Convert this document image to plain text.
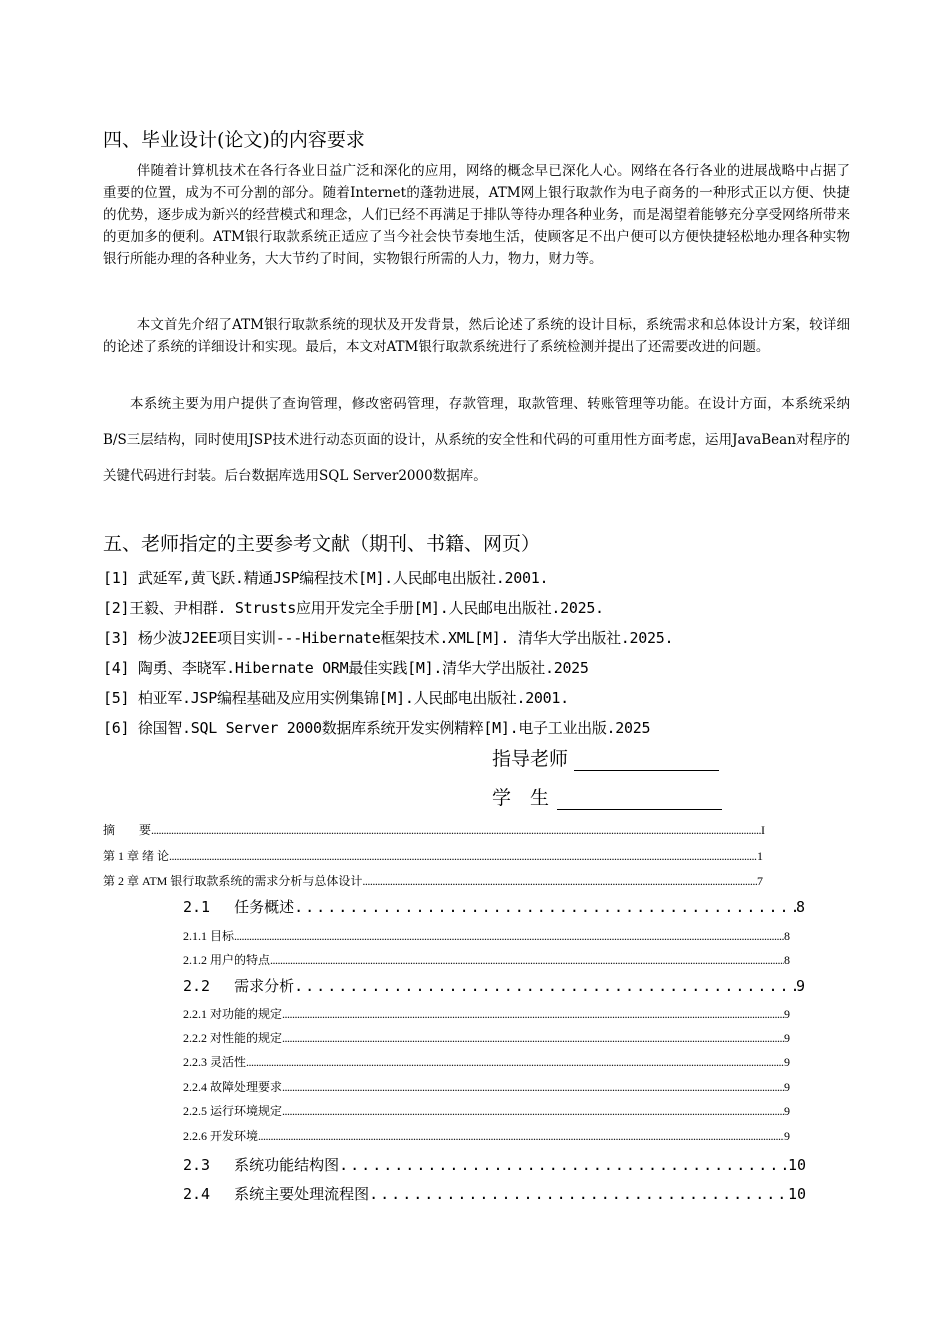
四、毕业设计(论文)的内容要求
伴随着计算机技术在各行各业日益广泛和深化的应用，网络的概念早已深化人心。网络在各行各业的进展战略中占据了重要的位置，成为不可分割的部分。随着Internet的蓬勃进展，ATM网上银行取款作为电子商务的一种形式正以方便、快捷的优势，逐步成为新兴的经营模式和理念，人们已经不再满足于排队等待办理各种业务，而是渴望着能够充分享受网络所带来的更加多的便利。ATM银行取款系统正适应了当今社会快节奏地生活，使顾客足不出户便可以方便快捷轻松地办理各种实物银行所能办理的各种业务，大大节约了时间，实物银行所需的人力，物力，财力等。
本文首先介绍了ATM银行取款系统的现状及开发背景，然后论述了系统的设计目标，系统需求和总体设计方案，较详细的论述了系统的详细设计和实现。最后，本文对ATM银行取款系统进行了系统检测并提出了还需要改进的问题。
本系统主要为用户提供了查询管理，修改密码管理，存款管理，取款管理、转账管理等功能。在设计方面，本系统采纳B/S三层结构，同时使用JSP技术进行动态页面的设计，从系统的安全性和代码的可重用性方面考虑，运用JavaBean对程序的关键代码进行封装。后台数据库选用SQL Server2000数据库。
五、老师指定的主要参考文献（期刊、书籍、网页）
[1] 武延军,黄飞跃.精通JSP编程技术[M].人民邮电出版社.2001.
[2]王毅、尹相群. Strusts应用开发完全手册[M].人民邮电出版社.2025.
[3] 杨少波J2EE项目实训---Hibernate框架技术.XML[M]. 清华大学出版社.2025.
[4] 陶勇、李晓军.Hibernate ORM最佳实践[M].清华大学出版社.2025
[5] 柏亚军.JSP编程基础及应用实例集锦[M].人民邮电出版社.2001.
[6] 徐国智.SQL Server 2000数据库系统开发实例精粹[M].电子工业出版.2025
指导老师
学　生
摘　　要 .....	I
第 1 章 绪 论 .....	1
第 2 章 ATM 银行取款系统的需求分析与总体设计 .....	7
2.1 　任务概述 .....	8
2.1.1 目标 .....	8
2.1.2 用户的特点 .....	8
2.2 　需求分析 .....	9
2.2.1 对功能的规定 .....	9
2.2.2 对性能的规定 .....	9
2.2.3 灵活性 .....	9
2.2.4 故障处理要求 .....	9
2.2.5 运行环境规定 .....	9
2.2.6 开发环境 .....	9
2.3 　系统功能结构图 .....	10
2.4 　系统主要处理流程图 .....	10
